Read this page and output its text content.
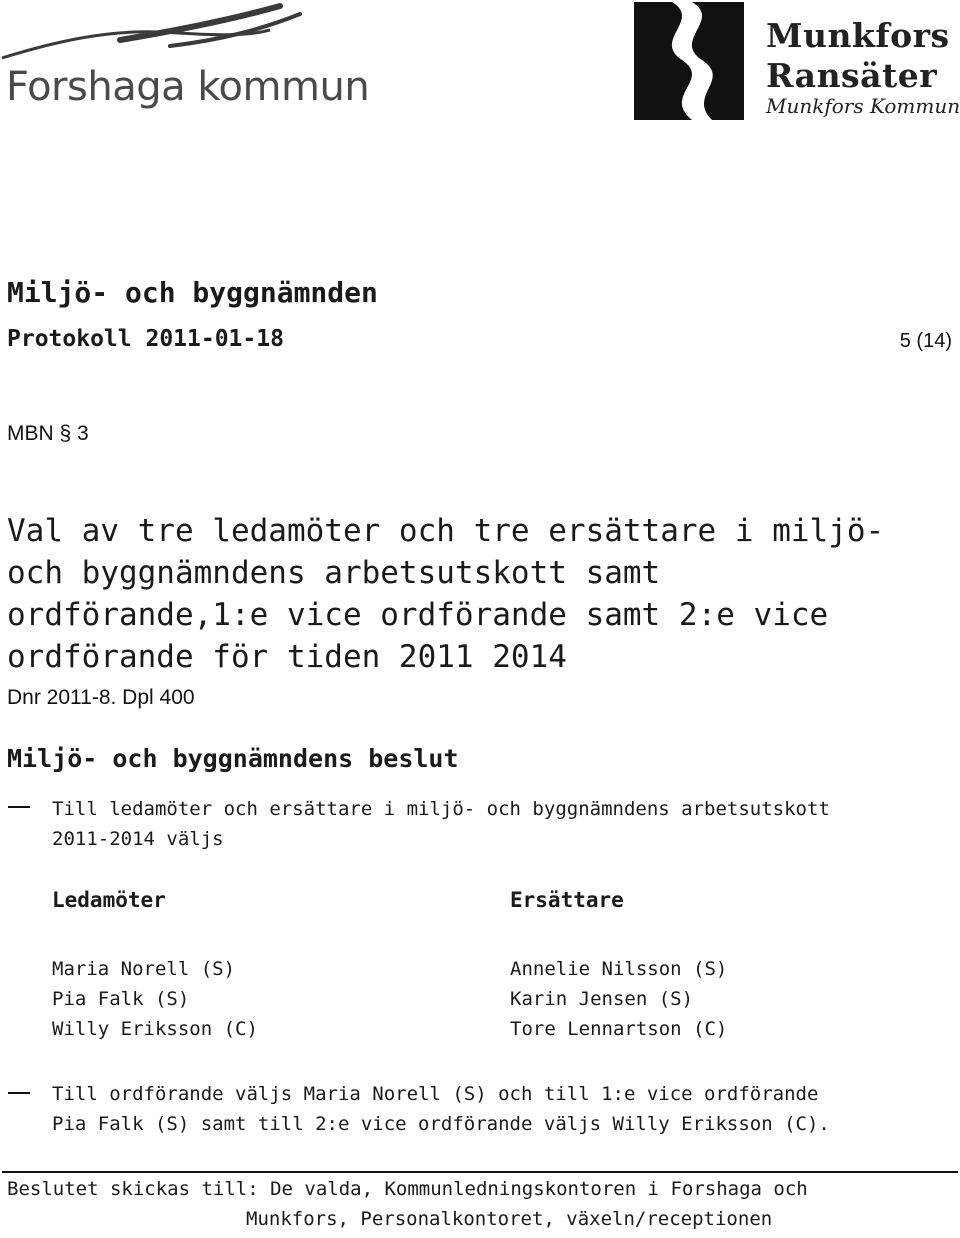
Forshaga kommun
Munkfors
Ransäter
Munkfors Kommun
Miljö- och byggnämnden
Protokoll 2011-01-18	5 (14)
MBN § 3
Val av tre ledamöter och tre ersättare i miljö- och byggnämndens arbetsutskott samt ordförande,1:e vice ordförande samt 2:e vice ordförande för tiden 2011 2014
Dnr 2011-8. Dpl 400
Miljö- och byggnämndens beslut
Till ledamöter och ersättare i miljö- och byggnämndens arbetsutskott
2011-2014 väljs
Ledamöter	Ersättare
Maria Norell (S)
Pia Falk (S)
Willy Eriksson (C)
Annelie Nilsson (S)
Karin Jensen (S)
Tore Lennartson (C)
Till ordförande väljs Maria Norell (S) och till 1:e vice ordförande
Pia Falk (S) samt till 2:e vice ordförande väljs Willy Eriksson (C).
Beslutet skickas till: De valda, Kommunledningskontoren i Forshaga och
Munkfors, Personalkontoret, växeln/receptionen
